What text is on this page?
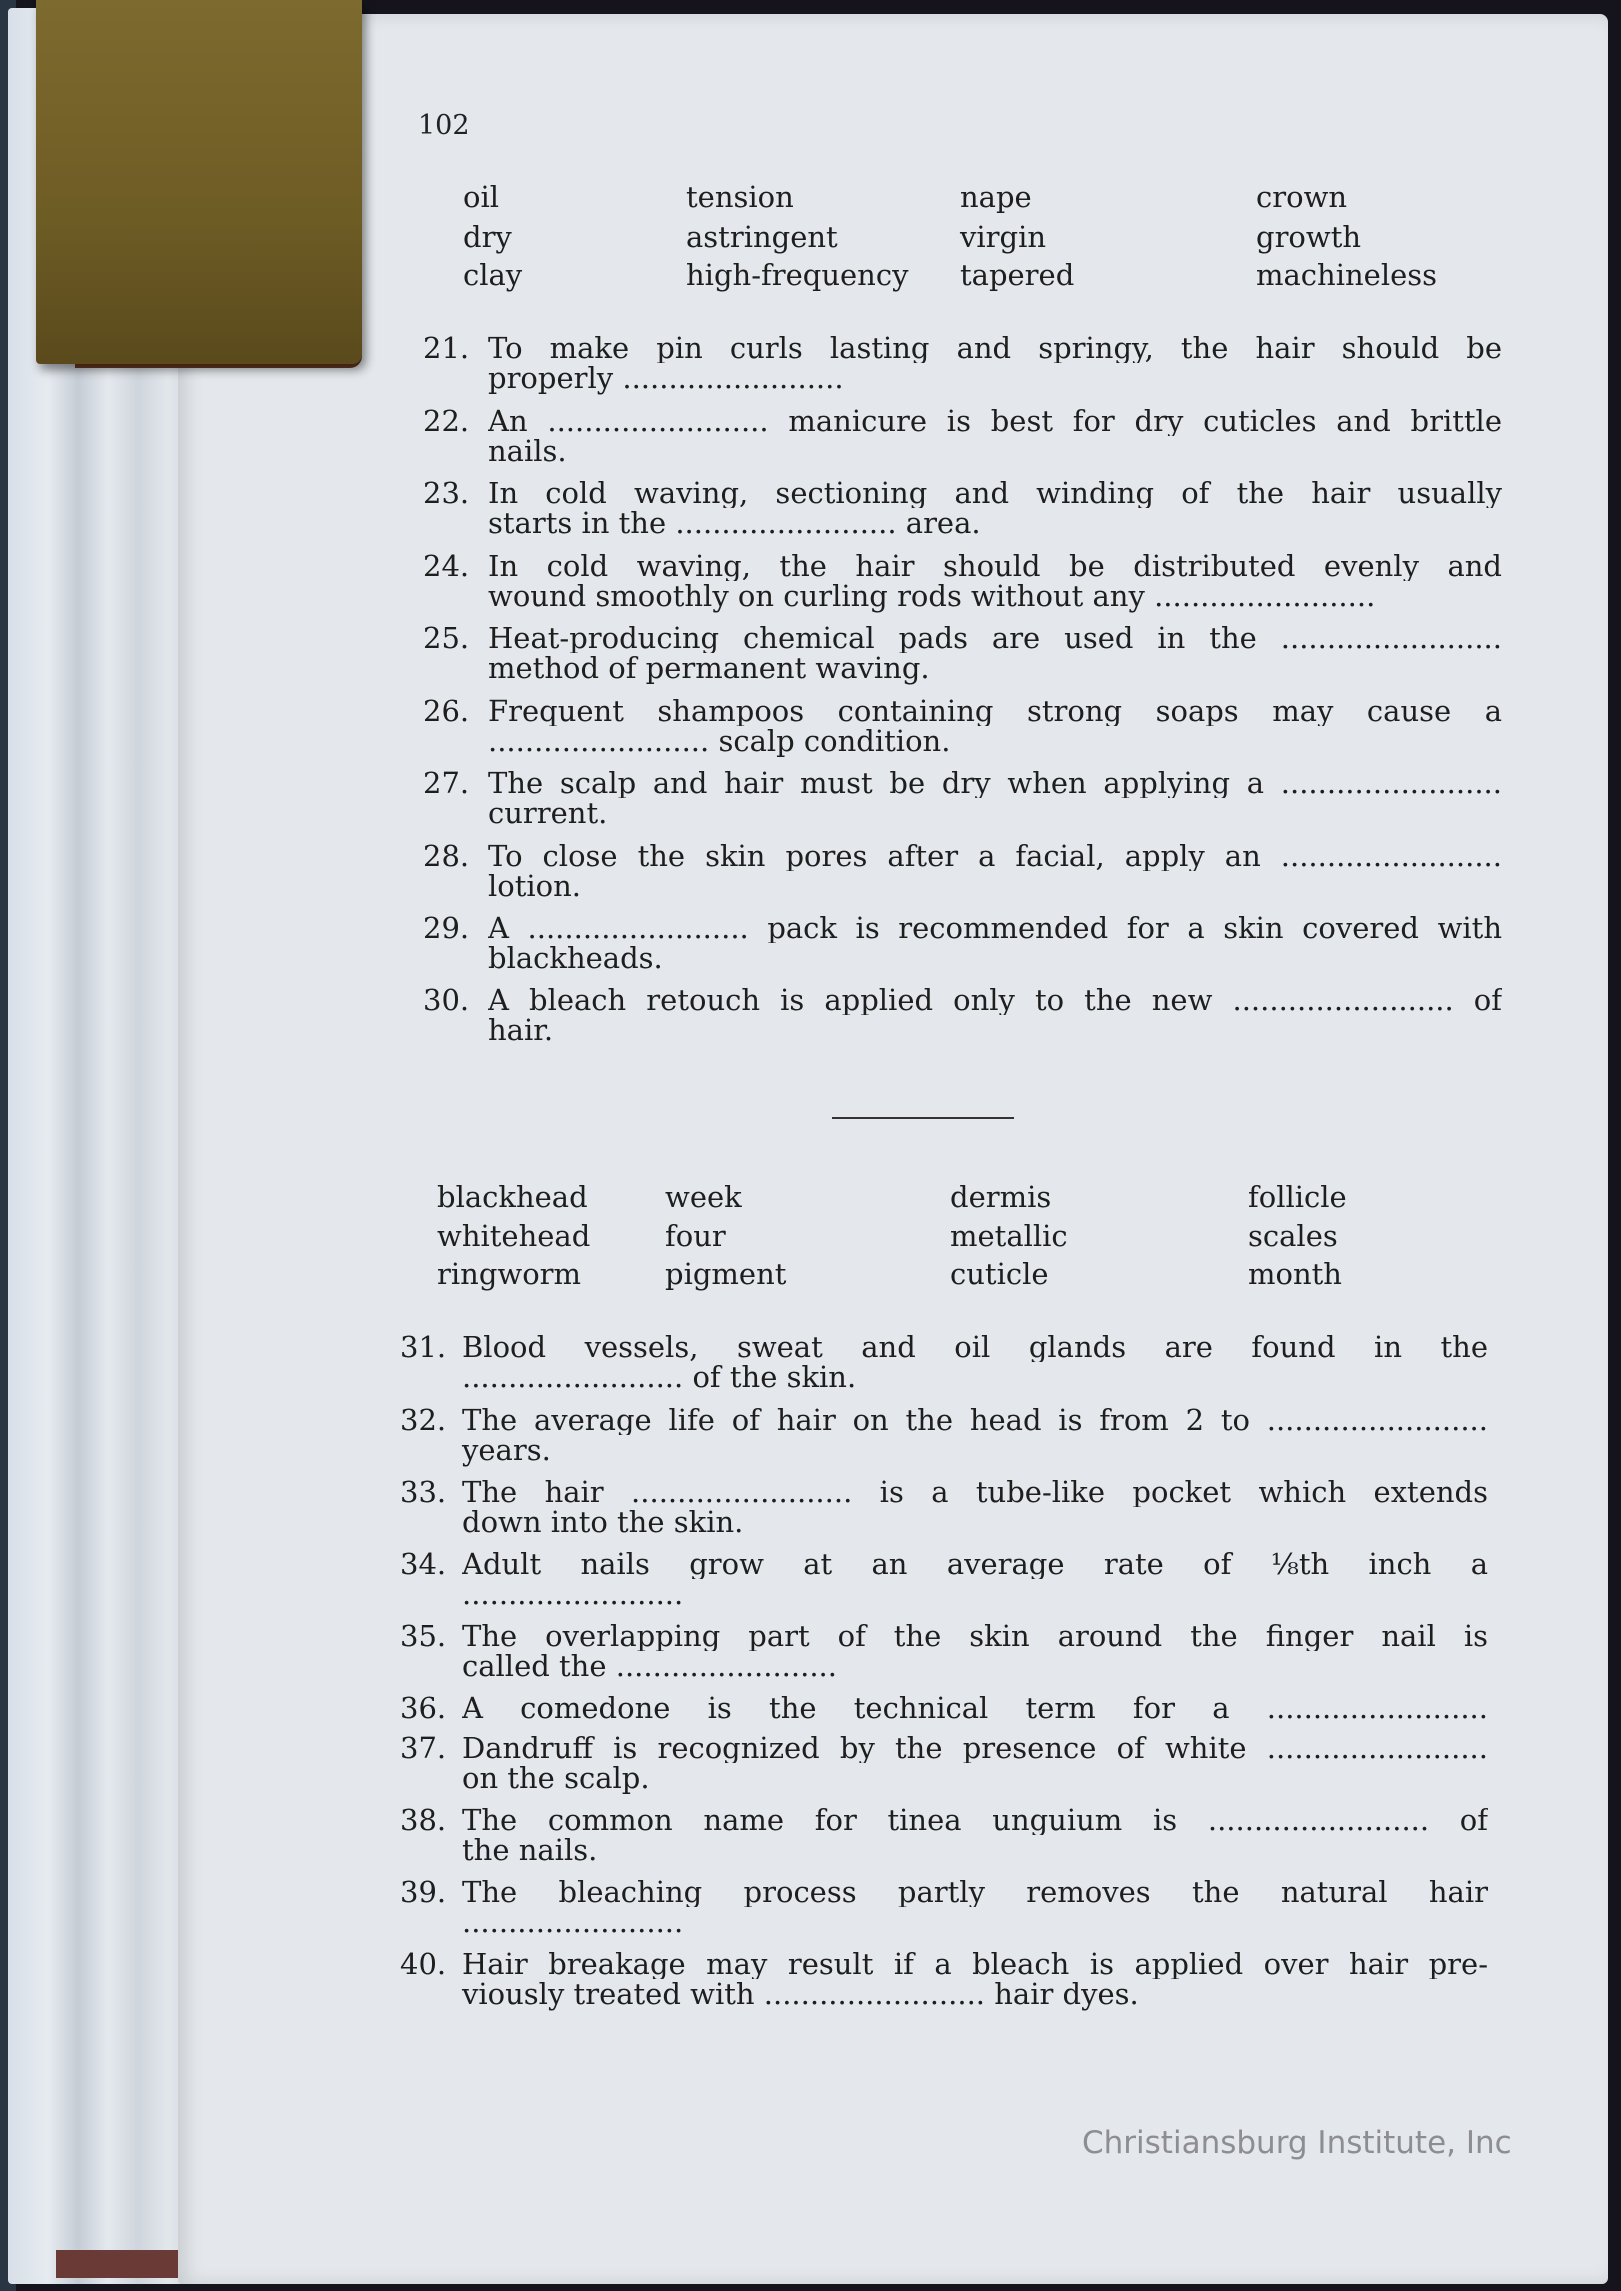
102
oil
dry
clay
tension
astringent
high-frequency
nape
virgin
tapered
crown
growth
machineless
21. To make pin curls lasting and springy, the hair should be
properly ........................
22. An ........................ manicure is best for dry cuticles and brittle
nails.
23. In cold waving, sectioning and winding of the hair usually
starts in the ........................ area.
24. In cold waving, the hair should be distributed evenly and
wound smoothly on curling rods without any ........................
25. Heat-producing chemical pads are used in the ........................
method of permanent waving.
26. Frequent shampoos containing strong soaps may cause a
........................ scalp condition.
27. The scalp and hair must be dry when applying a ........................
current.
28. To close the skin pores after a facial, apply an ........................
lotion.
29. A ........................ pack is recommended for a skin covered with
blackheads.
30. A bleach retouch is applied only to the new ........................ of
hair.
blackhead
whitehead
ringworm
week
four
pigment
dermis
metallic
cuticle
follicle
scales
month
31. Blood vessels, sweat and oil glands are found in the
........................ of the skin.
32. The average life of hair on the head is from 2 to ........................
years.
33. The hair ........................ is a tube-like pocket which extends
down into the skin.
34. Adult nails grow at an average rate of ⅛th inch a
........................
35. The overlapping part of the skin around the finger nail is
called the ........................
36. A comedone is the technical term for a ........................
37. Dandruff is recognized by the presence of white ........................
on the scalp.
38. The common name for tinea unguium is ........................ of
the nails.
39. The bleaching process partly removes the natural hair
........................
40. Hair breakage may result if a bleach is applied over hair pre-
viously treated with ........................ hair dyes.
Christiansburg Institute, Inc
